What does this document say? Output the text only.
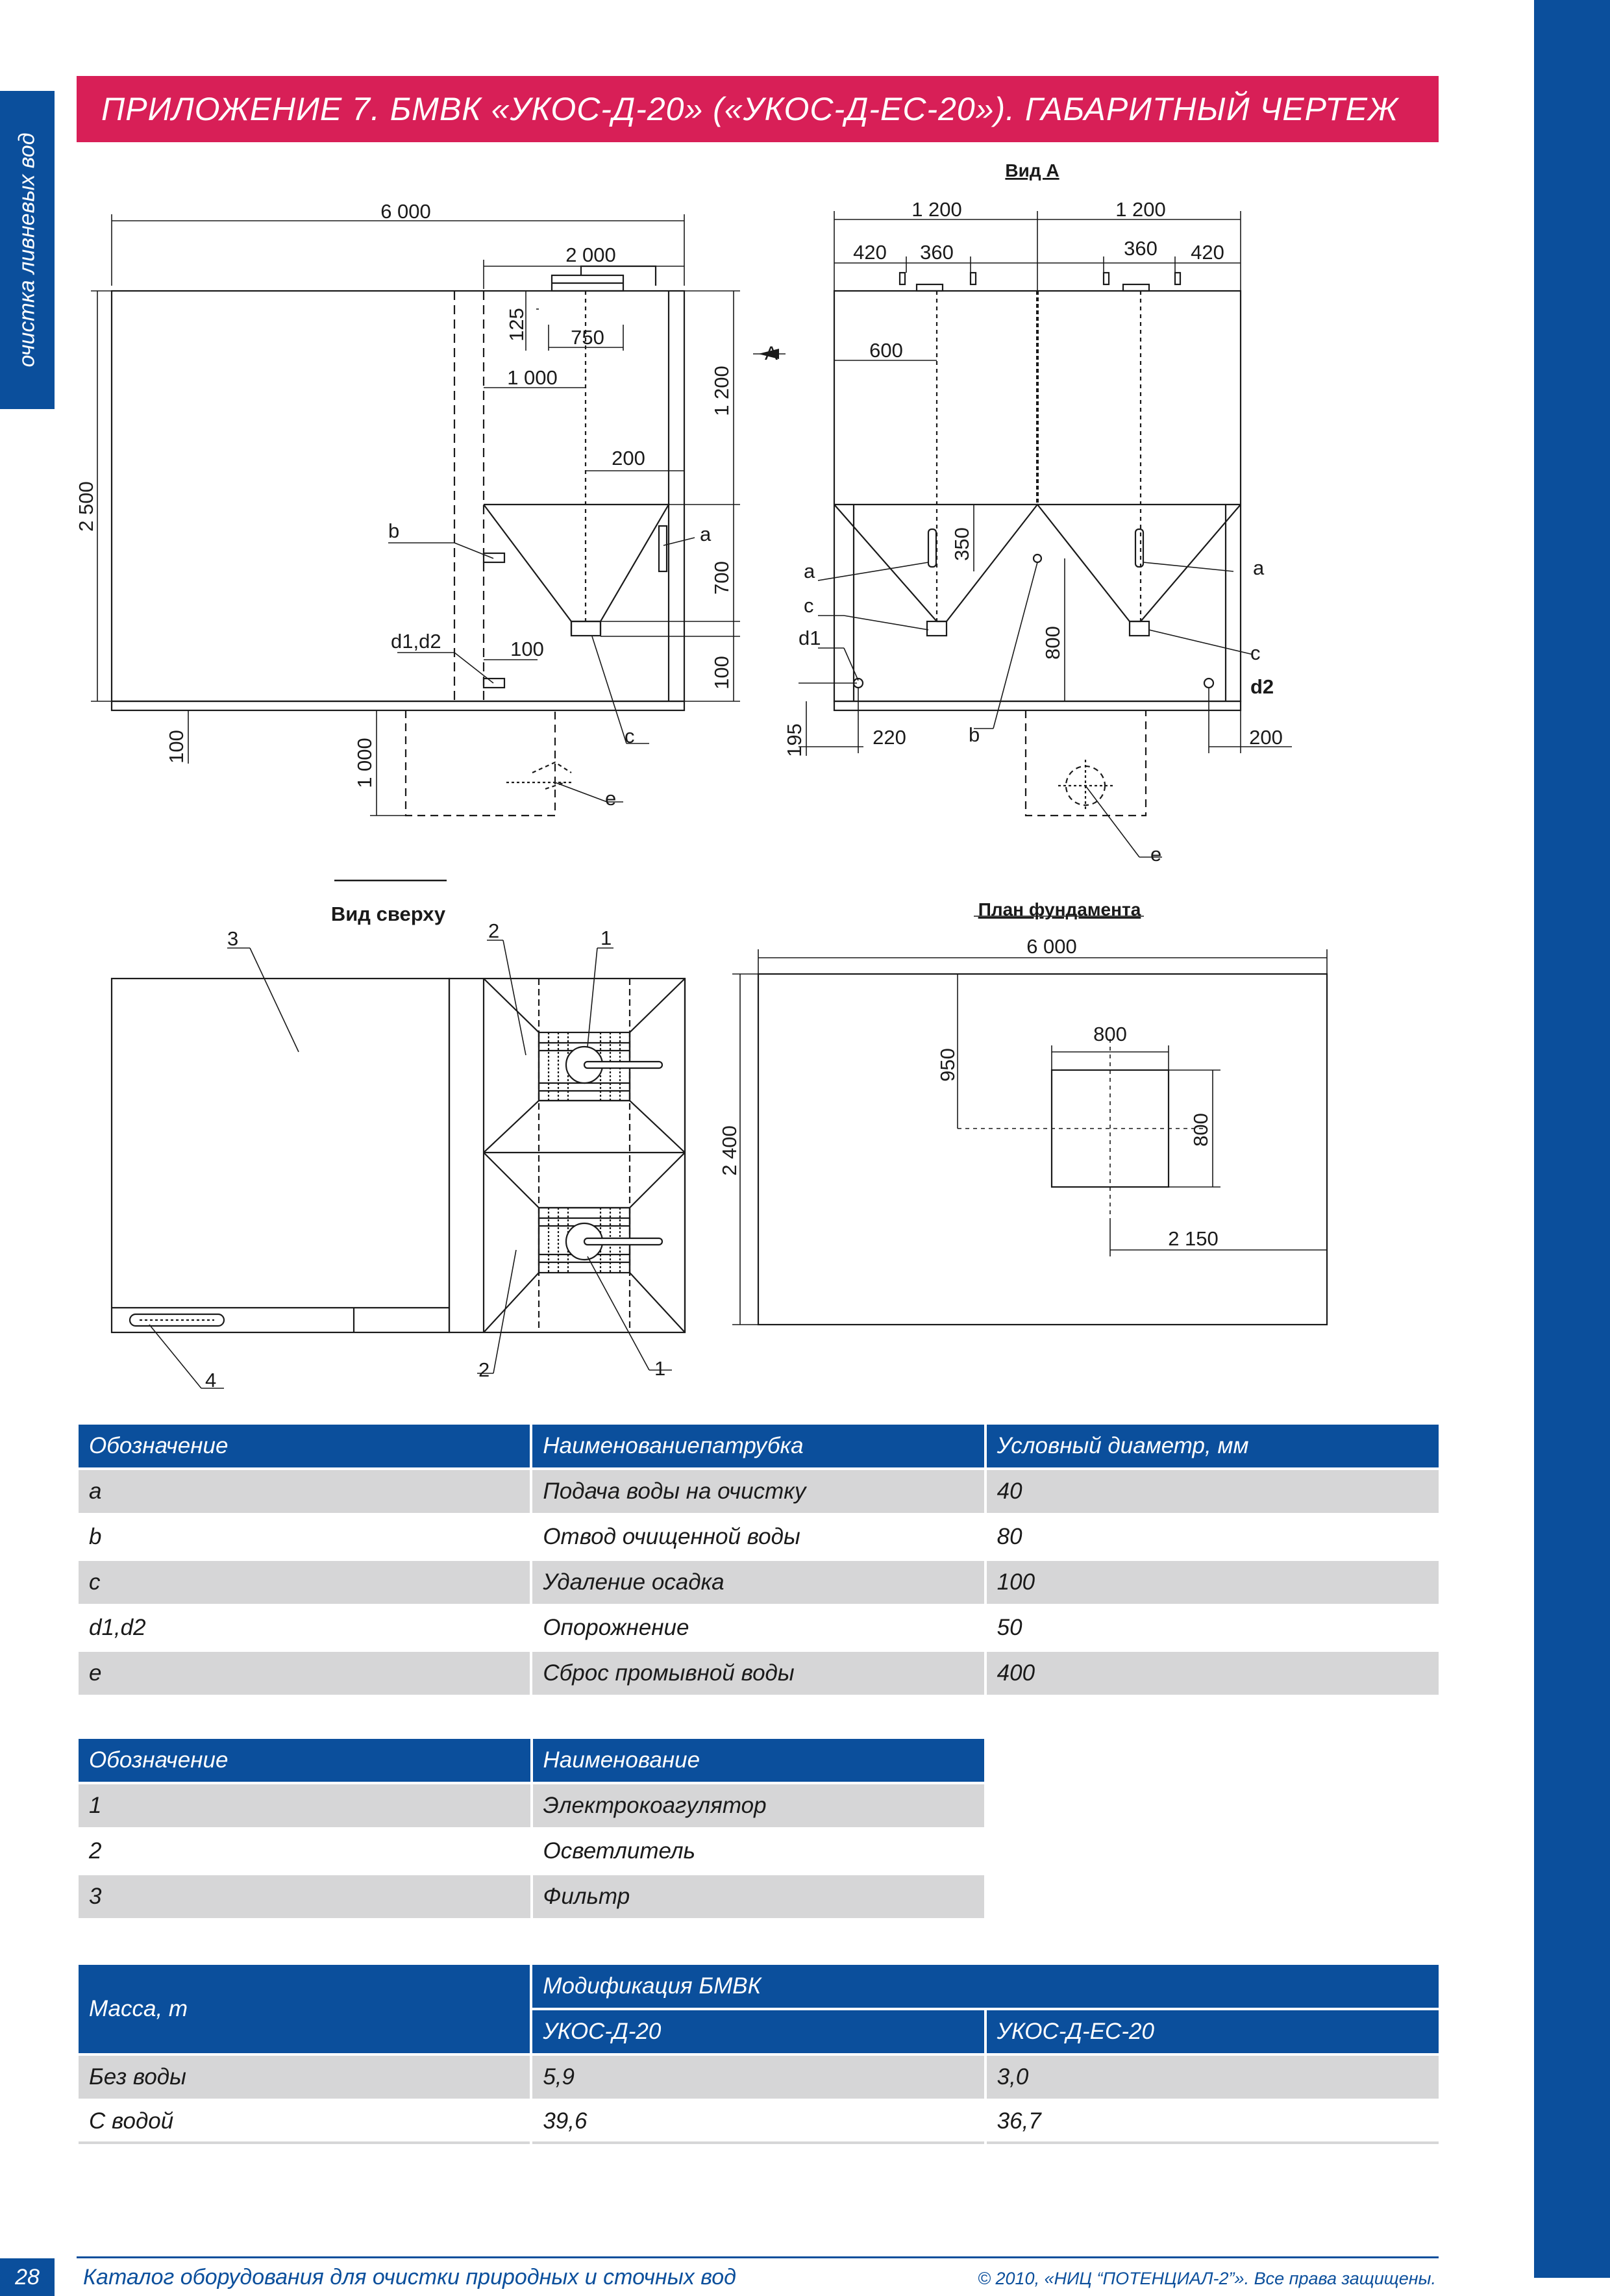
очистка ливневых вод
ПРИЛОЖЕНИЕ 7. БМВК «УКОС-Д-20» («УКОС-Д-ЕС-20»). ГАБАРИТНЫЙ ЧЕРТЕЖ
Вид А
Вид сверху	План фундамента
А
6 000
2 000
125 750
1 000	1 200
200
2 500
700
100
100
100
1 000
a
b
c
d1,d2
e
1 200	1 200
420 360	360 420
600
350
800
195	220	200
a	a
c
c
d1
d2
b
e
1
1
2
2
3
4
6 000
800
950
800
2 400
2 150
Обозначение	Наименованиепатрубка	Условный диаметр, мм
a	Подача воды на очистку	40
b	Отвод очищенной воды	80
c	Удаление осадка	100
d1,d2	Опорожнение	50
e	Сброс промывной воды	400
Обозначение	Наименование
1	Электрокоагулятор
2	Осветлитель
3	Фильтр
Масса, т	Модификация БМВК	
	УКОС-Д-20	УКОС-Д-ЕС-20
Без воды	5,9	3,0
С водой	39,6	36,7
28	Каталог оборудования для очистки природных и сточных вод	© 2010, «НИЦ “ПОТЕНЦИАЛ-2”». Все права защищены.
